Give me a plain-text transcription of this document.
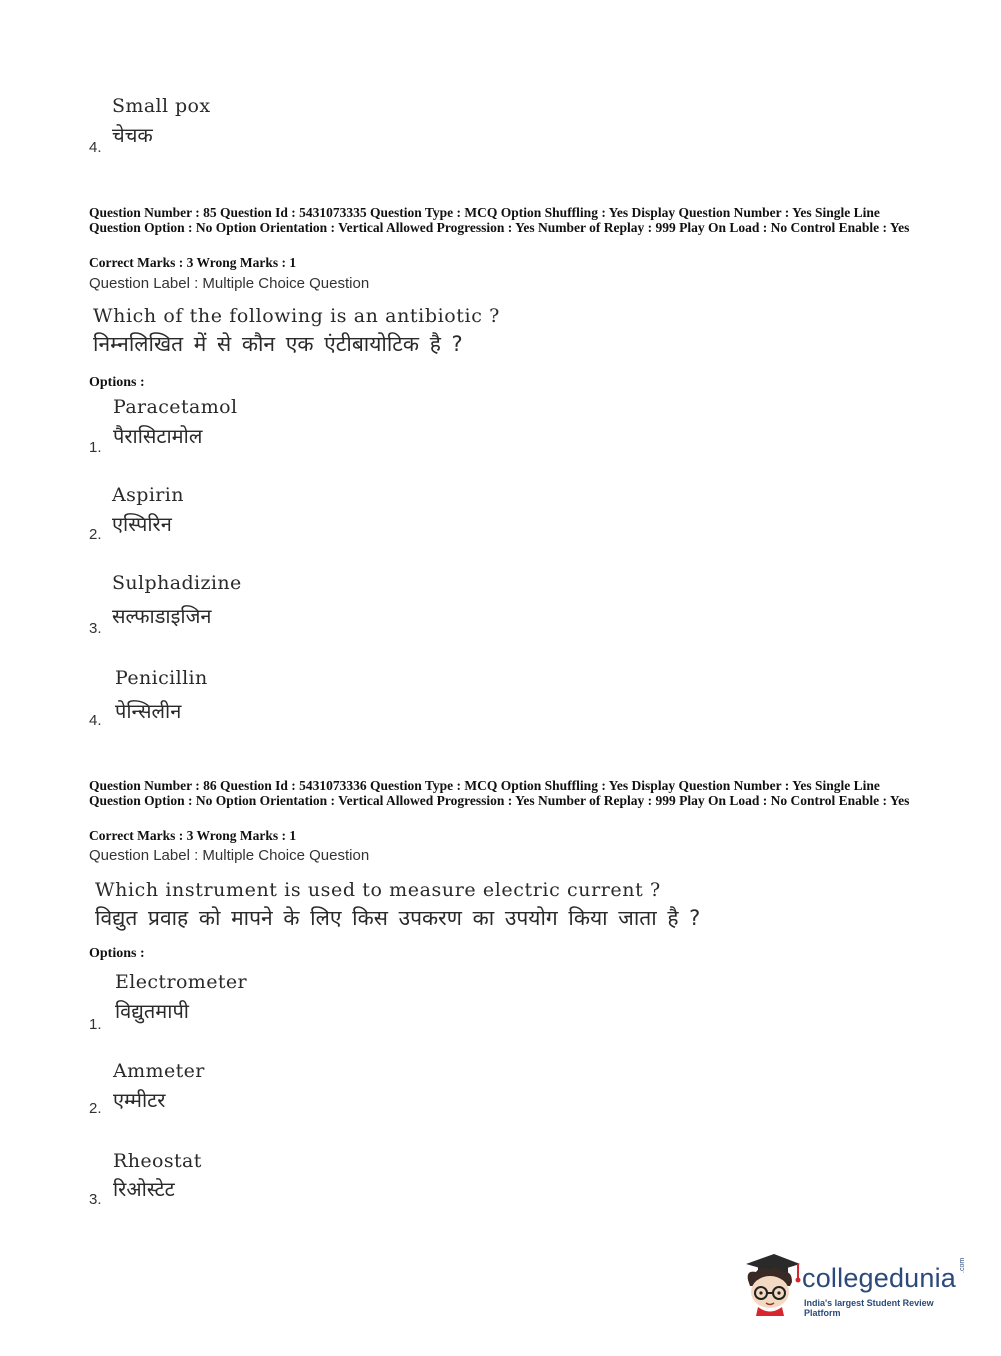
Small pox
चेचक
4.
Question Number : 85 Question Id : 5431073335 Question Type : MCQ Option Shuffling : Yes Display Question Number : Yes Single Line Question Option : No Option Orientation : Vertical Allowed Progression : Yes Number of Replay : 999 Play On Load : No Control Enable : Yes
Correct Marks : 3 Wrong Marks : 1
Question Label : Multiple Choice Question
Which of the following is an antibiotic ?
निम्नलिखित में से कौन एक एंटीबायोटिक है ?
Options :
Paracetamol
पैरासिटामोल
1.
Aspirin
एस्पिरिन
2.
Sulphadizine
सल्फाडाइजिन
3.
Penicillin
पेन्सिलीन
4.
Question Number : 86 Question Id : 5431073336 Question Type : MCQ Option Shuffling : Yes Display Question Number : Yes Single Line Question Option : No Option Orientation : Vertical Allowed Progression : Yes Number of Replay : 999 Play On Load : No Control Enable : Yes
Correct Marks : 3 Wrong Marks : 1
Question Label : Multiple Choice Question
Which instrument is used to measure electric current ?
विद्युत प्रवाह को मापने के लिए किस उपकरण का उपयोग किया जाता है ?
Options :
Electrometer
विद्युतमापी
1.
Ammeter
एम्मीटर
2.
Rheostat
रिओस्टेट
3.
collegedunia .com
India's largest Student Review Platform
